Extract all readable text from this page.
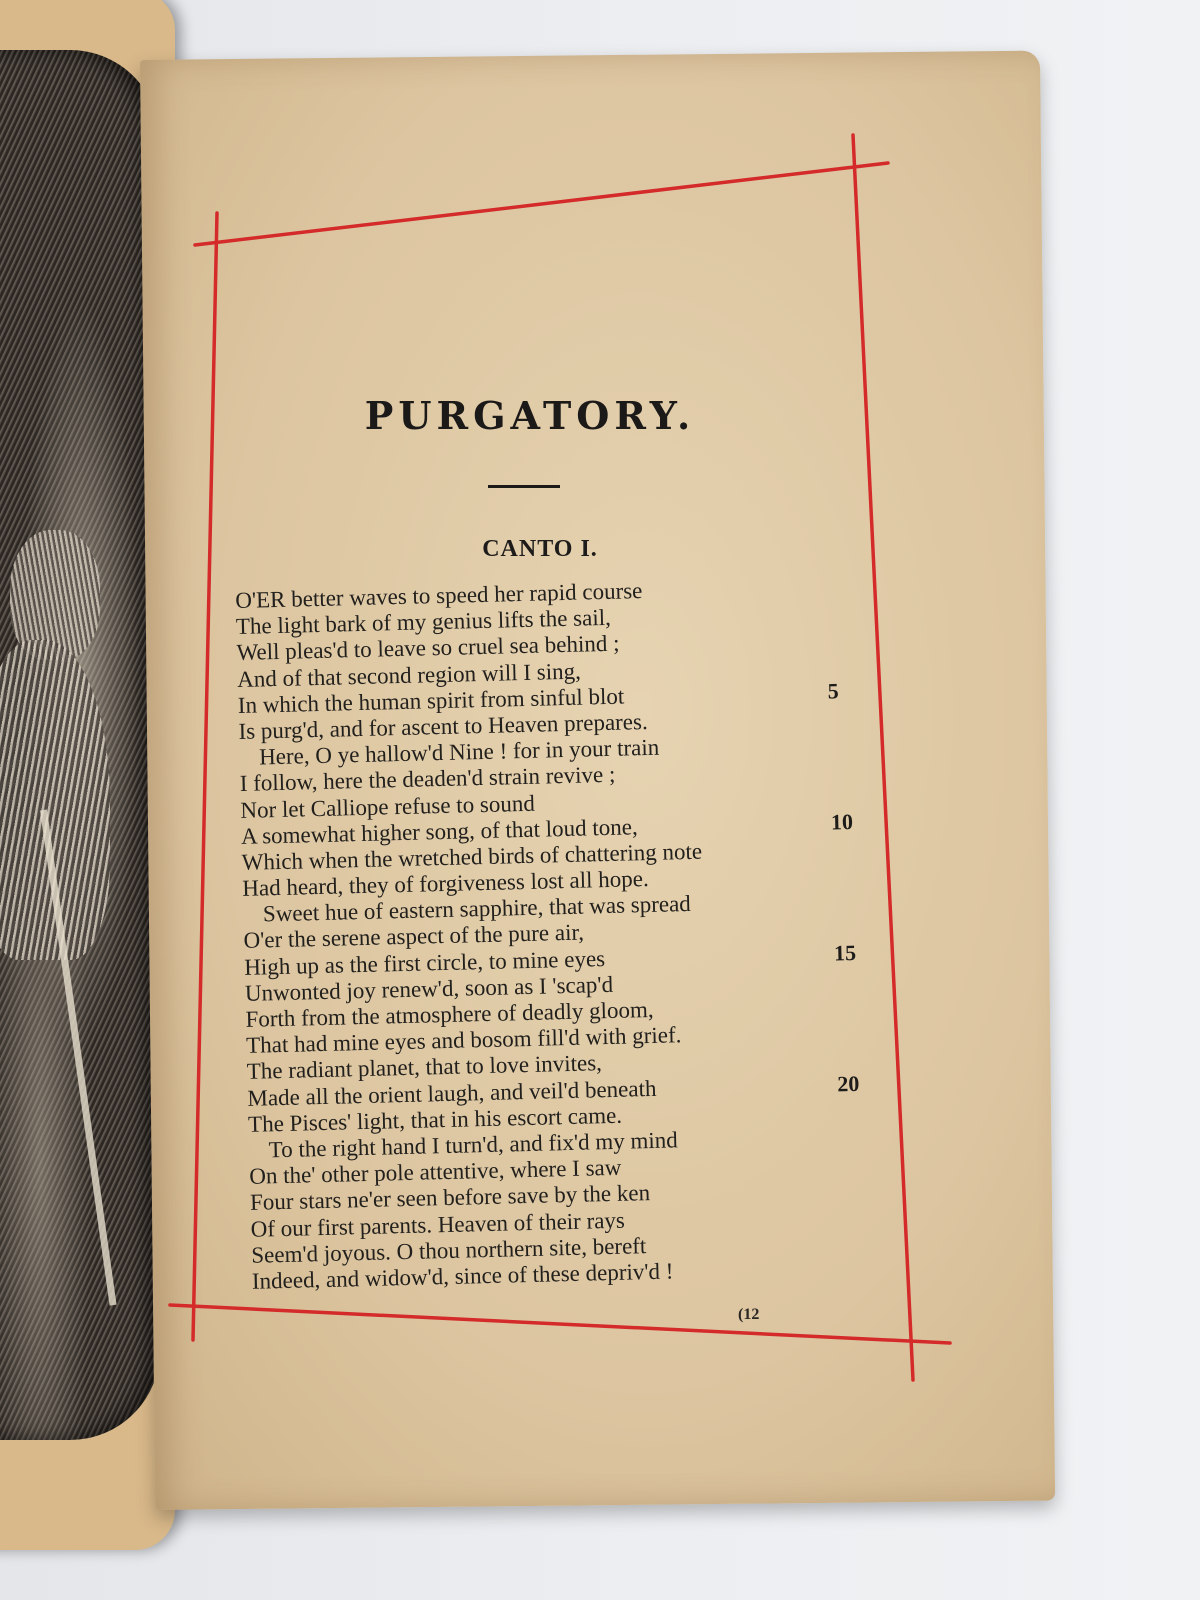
PURGATORY.
CANTO I.
O'ER better waves to speed her rapid course
The light bark of my genius lifts the sail,
Well pleas'd to leave so cruel sea behind ;
And of that second region will I sing,
In which the human spirit from sinful blot	5
Is purg'd, and for ascent to Heaven prepares.
Here, O ye hallow'd Nine ! for in your train
I follow, here the deaden'd strain revive ;
Nor let Calliope refuse to sound
A somewhat higher song, of that loud tone,	10
Which when the wretched birds of chattering note
Had heard, they of forgiveness lost all hope.
Sweet hue of eastern sapphire, that was spread
O'er the serene aspect of the pure air,
High up as the first circle, to mine eyes	15
Unwonted joy renew'd, soon as I 'scap'd
Forth from the atmosphere of deadly gloom,
That had mine eyes and bosom fill'd with grief.
The radiant planet, that to love invites,
Made all the orient laugh, and veil'd beneath	20
The Pisces' light, that in his escort came.
To the right hand I turn'd, and fix'd my mind
On the' other pole attentive, where I saw
Four stars ne'er seen before save by the ken
Of our first parents. Heaven of their rays
Seem'd joyous. O thou northern site, bereft
Indeed, and widow'd, since of these depriv'd !
(12
